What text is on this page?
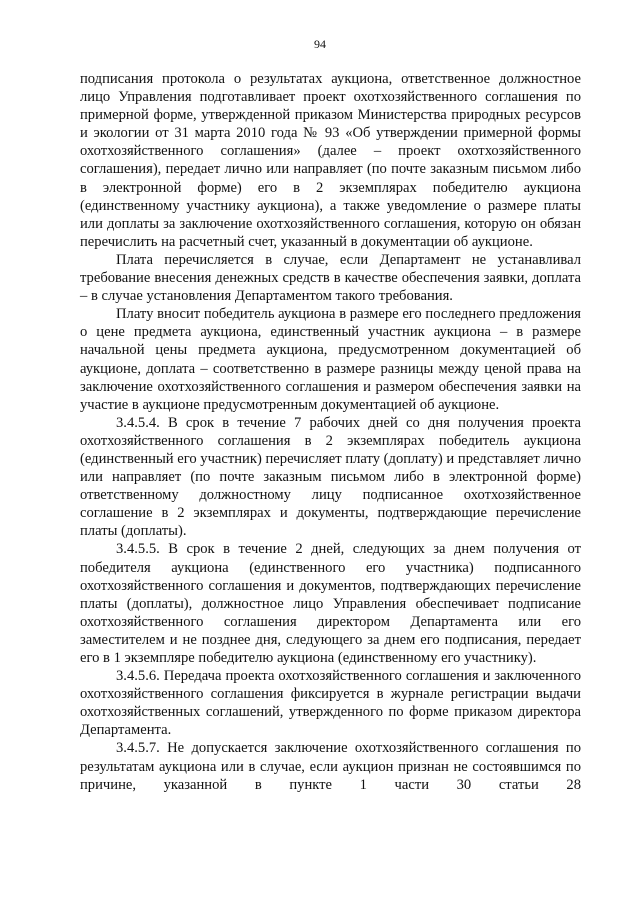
94

подписания протокола о результатах аукциона, ответственное должностное лицо Управления подготавливает проект охотхозяйственного соглашения по примерной форме, утвержденной приказом Министерства природных ресурсов и экологии от 31 марта 2010 года № 93 «Об утверждении примерной формы охотхозяйственного соглашения» (далее – проект охотхозяйственного соглашения), передает лично или направляет (по почте заказным письмом либо в электронной форме) его в 2 экземплярах победителю аукциона (единственному участнику аукциона), а также уведомление о размере платы или доплаты за заключение охотхозяйственного соглашения, которую он обязан перечислить на расчетный счет, указанный в документации об аукционе.

Плата перечисляется в случае, если Департамент не устанавливал требование внесения денежных средств в качестве обеспечения заявки, доплата – в случае установления Департаментом такого требования.

Плату вносит победитель аукциона в размере его последнего предложения о цене предмета аукциона, единственный участник аукциона – в размере начальной цены предмета аукциона, предусмотренном документацией об аукционе, доплата – соответственно в размере разницы между ценой права на заключение охотхозяйственного соглашения и размером обеспечения заявки на участие в аукционе предусмотренным документацией об аукционе.

3.4.5.4. В срок в течение 7 рабочих дней со дня получения проекта охотхозяйственного соглашения в 2 экземплярах победитель аукциона (единственный его участник) перечисляет плату (доплату) и представляет лично или направляет (по почте заказным письмом либо в электронной форме) ответственному должностному лицу подписанное охотхозяйственное соглашение в 2 экземплярах и документы, подтверждающие перечисление платы (доплаты).

3.4.5.5. В срок в течение 2 дней, следующих за днем получения от победителя аукциона (единственного его участника) подписанного охотхозяйственного соглашения и документов, подтверждающих перечисление платы (доплаты), должностное лицо Управления обеспечивает подписание охотхозяйственного соглашения директором Департамента или его заместителем и не позднее дня, следующего за днем его подписания, передает его в 1 экземпляре победителю аукциона (единственному его участнику).

3.4.5.6. Передача проекта охотхозяйственного соглашения и заключенного охотхозяйственного соглашения фиксируется в журнале регистрации выдачи охотхозяйственных соглашений, утвержденного по форме приказом директора Департамента.

3.4.5.7. Не допускается заключение охотхозяйственного соглашения по результатам аукциона или в случае, если аукцион признан не состоявшимся по причине, указанной в пункте 1 части 30 статьи 28
